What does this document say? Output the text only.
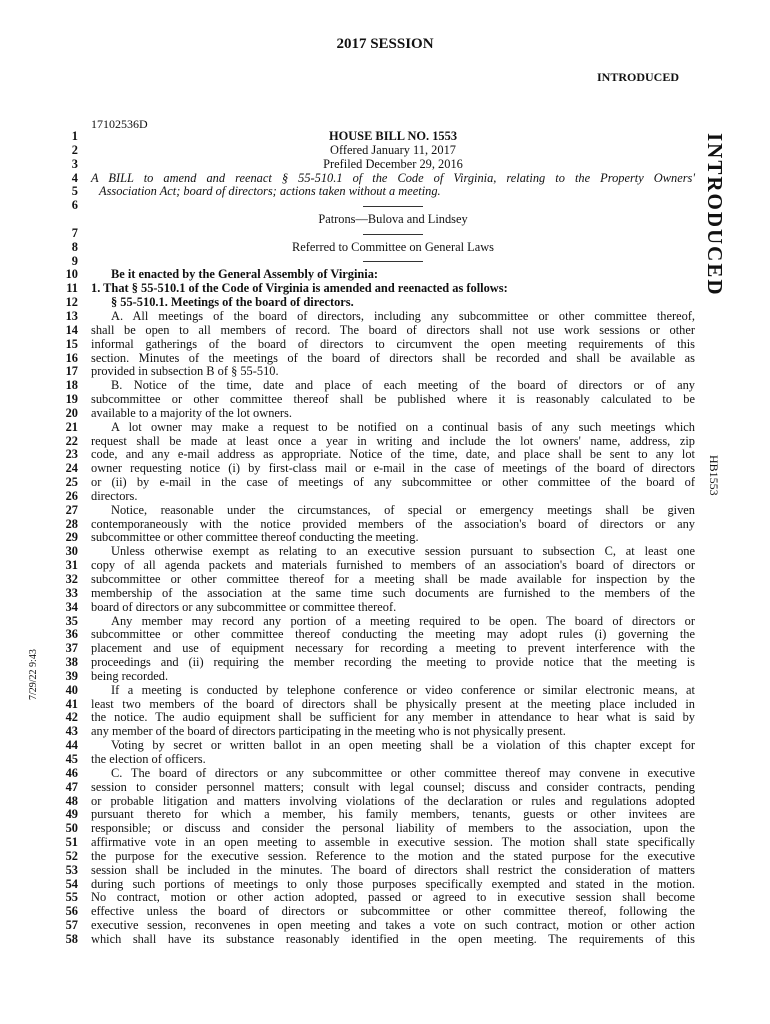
2017 SESSION
INTRODUCED
17102536D
INTRODUCED
HB1553
7/29/22 9:43
1	HOUSE BILL NO. 1553
2	Offered January 11, 2017
3	Prefiled December 29, 2016
4 A BILL to amend and reenact § 55-510.1 of the Code of Virginia, relating to the Property Owners'
5	Association Act; board of directors; actions taken without a meeting.
6
Patrons––Bulova and Lindsey
7
8	Referred to Committee on General Laws
9
10	Be it enacted by the General Assembly of Virginia:
11 1. That § 55-510.1 of the Code of Virginia is amended and reenacted as follows:
12	§ 55-510.1. Meetings of the board of directors.
13	A. All meetings of the board of directors, including any subcommittee or other committee thereof,
14 shall be open to all members of record. The board of directors shall not use work sessions or other
15 informal gatherings of the board of directors to circumvent the open meeting requirements of this
16 section. Minutes of the meetings of the board of directors shall be recorded and shall be available as
17 provided in subsection B of § 55-510.
18	B. Notice of the time, date and place of each meeting of the board of directors or of any
19 subcommittee or other committee thereof shall be published where it is reasonably calculated to be
20 available to a majority of the lot owners.
21	A lot owner may make a request to be notified on a continual basis of any such meetings which
22 request shall be made at least once a year in writing and include the lot owners' name, address, zip
23 code, and any e-mail address as appropriate. Notice of the time, date, and place shall be sent to any lot
24 owner requesting notice (i) by first-class mail or e-mail in the case of meetings of the board of directors
25 or (ii) by e-mail in the case of meetings of any subcommittee or other committee of the board of
26 directors.
27	Notice, reasonable under the circumstances, of special or emergency meetings shall be given
28 contemporaneously with the notice provided members of the association's board of directors or any
29 subcommittee or other committee thereof conducting the meeting.
30	Unless otherwise exempt as relating to an executive session pursuant to subsection C, at least one
31 copy of all agenda packets and materials furnished to members of an association's board of directors or
32 subcommittee or other committee thereof for a meeting shall be made available for inspection by the
33 membership of the association at the same time such documents are furnished to the members of the
34 board of directors or any subcommittee or committee thereof.
35	Any member may record any portion of a meeting required to be open. The board of directors or
36 subcommittee or other committee thereof conducting the meeting may adopt rules (i) governing the
37 placement and use of equipment necessary for recording a meeting to prevent interference with the
38 proceedings and (ii) requiring the member recording the meeting to provide notice that the meeting is
39 being recorded.
40	If a meeting is conducted by telephone conference or video conference or similar electronic means, at
41 least two members of the board of directors shall be physically present at the meeting place included in
42 the notice. The audio equipment shall be sufficient for any member in attendance to hear what is said by
43 any member of the board of directors participating in the meeting who is not physically present.
44	Voting by secret or written ballot in an open meeting shall be a violation of this chapter except for
45 the election of officers.
46	C. The board of directors or any subcommittee or other committee thereof may convene in executive
47 session to consider personnel matters; consult with legal counsel; discuss and consider contracts, pending
48 or probable litigation and matters involving violations of the declaration or rules and regulations adopted
49 pursuant thereto for which a member, his family members, tenants, guests or other invitees are
50 responsible; or discuss and consider the personal liability of members to the association, upon the
51 affirmative vote in an open meeting to assemble in executive session. The motion shall state specifically
52 the purpose for the executive session. Reference to the motion and the stated purpose for the executive
53 session shall be included in the minutes. The board of directors shall restrict the consideration of matters
54 during such portions of meetings to only those purposes specifically exempted and stated in the motion.
55 No contract, motion or other action adopted, passed or agreed to in executive session shall become
56 effective unless the board of directors or subcommittee or other committee thereof, following the
57 executive session, reconvenes in open meeting and takes a vote on such contract, motion or other action
58 which shall have its substance reasonably identified in the open meeting. The requirements of this
